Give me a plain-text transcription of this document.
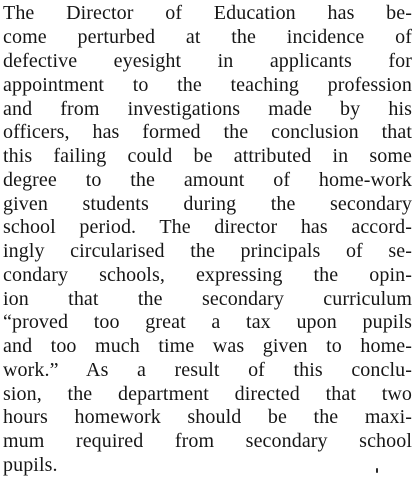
The Director of Education has be-
come perturbed at the incidence of
defective eyesight in applicants for
appointment to the teaching profession
and from investigations made by his
officers, has formed the conclusion that
this failing could be attributed in some
degree to the amount of home-work
given students during the secondary
school period. The director has accord-
ingly circularised the principals of se-
condary schools, expressing the opin-
ion that the secondary curriculum
“proved too great a tax upon pupils
and too much time was given to home-
work.” As a result of this conclu-
sion, the department directed that two
hours homework should be the maxi-
mum required from secondary school
pupils.
